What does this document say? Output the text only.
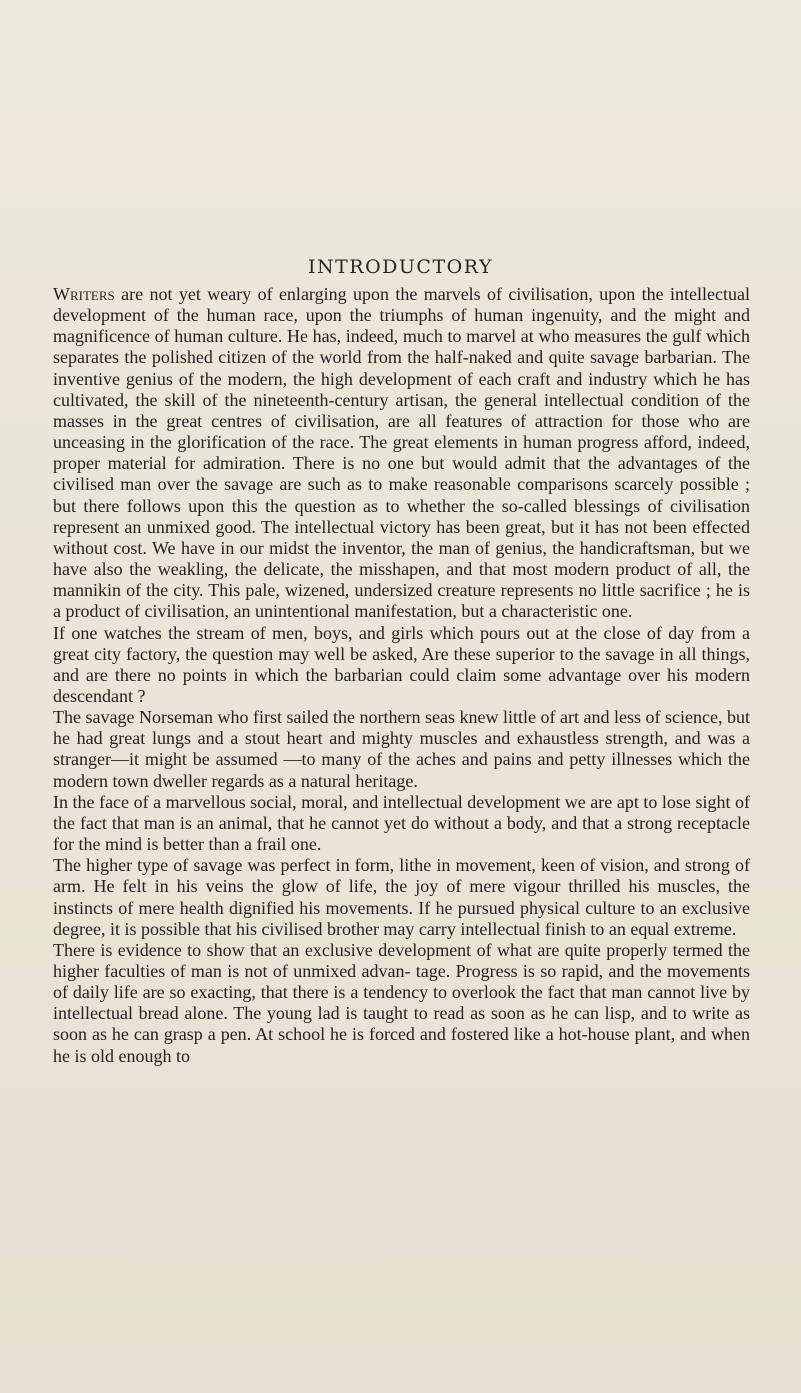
INTRODUCTORY

Writers are not yet weary of enlarging upon the marvels of civilisation, upon the intellectual development of the human race, upon the triumphs of human ingenuity, and the might and magnificence of human culture. He has, indeed, much to marvel at who measures the gulf which separates the polished citizen of the world from the half-naked and quite savage barbarian. The inventive genius of the modern, the high development of each craft and industry which he has cultivated, the skill of the nineteenth-century artisan, the general intellectual condition of the masses in the great centres of civilisation, are all features of attraction for those who are unceasing in the glorification of the race. The great elements in human progress afford, indeed, proper material for admiration. There is no one but would admit that the advantages of the civilised man over the savage are such as to make reasonable comparisons scarcely possible ; but there follows upon this the question as to whether the so-called blessings of civilisation represent an unmixed good. The intellectual victory has been great, but it has not been effected without cost. We have in our midst the inventor, the man of genius, the handicraftsman, but we have also the weakling, the delicate, the misshapen, and that most modern product of all, the mannikin of the city. This pale, wizened, undersized creature represents no little sacrifice ; he is a product of civilisation, an unintentional manifestation, but a characteristic one.

If one watches the stream of men, boys, and girls which pours out at the close of day from a great city factory, the question may well be asked, Are these superior to the savage in all things, and are there no points in which the barbarian could claim some advantage over his modern descendant ?

The savage Norseman who first sailed the northern seas knew little of art and less of science, but he had great lungs and a stout heart and mighty muscles and exhaustless strength, and was a stranger—it might be assumed —to many of the aches and pains and petty illnesses which the modern town dweller regards as a natural heritage.

In the face of a marvellous social, moral, and intellectual development we are apt to lose sight of the fact that man is an animal, that he cannot yet do without a body, and that a strong receptacle for the mind is better than a frail one.

The higher type of savage was perfect in form, lithe in movement, keen of vision, and strong of arm. He felt in his veins the glow of life, the joy of mere vigour thrilled his muscles, the instincts of mere health dignified his movements. If he pursued physical culture to an exclusive degree, it is possible that his civilised brother may carry intellectual finish to an equal extreme.

There is evidence to show that an exclusive development of what are quite properly termed the higher faculties of man is not of unmixed advan- tage. Progress is so rapid, and the movements of daily life are so exacting, that there is a tendency to overlook the fact that man cannot live by intellectual bread alone. The young lad is taught to read as soon as he can lisp, and to write as soon as he can grasp a pen. At school he is forced and fostered like a hot-house plant, and when he is old enough to
